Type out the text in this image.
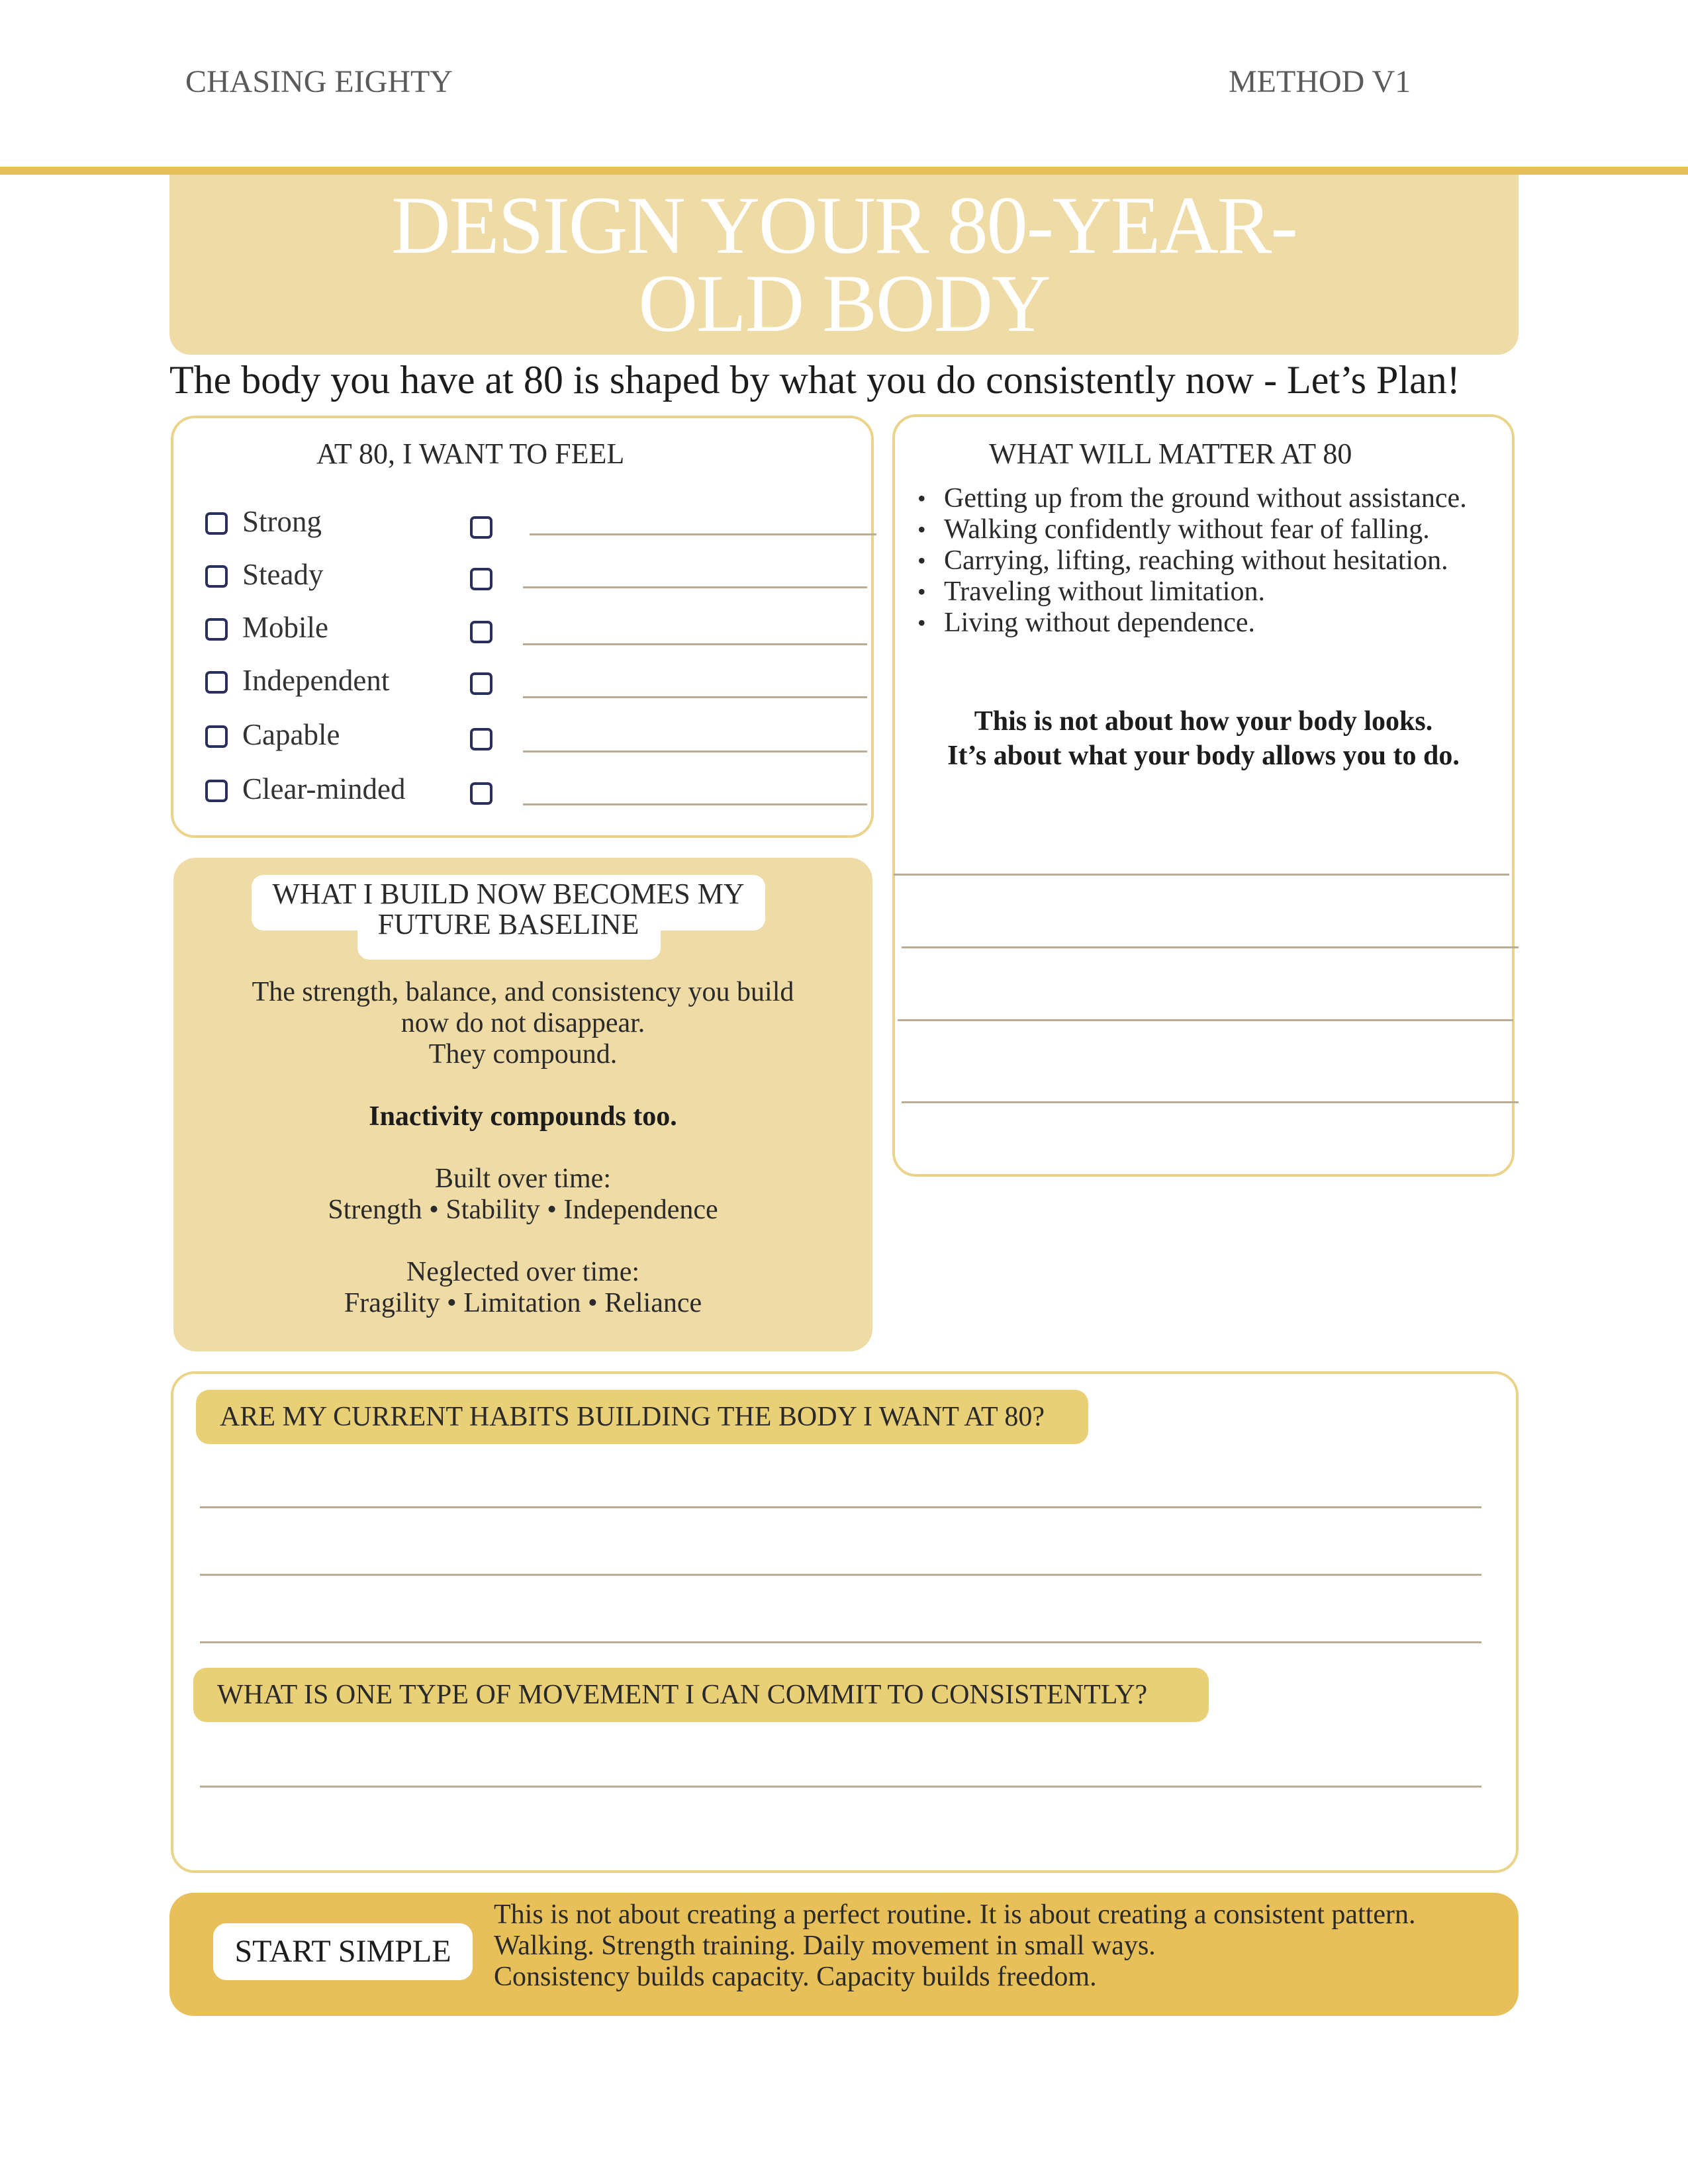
CHASING EIGHTY	METHOD V1
DESIGN YOUR 80-YEAR-OLD BODY
The body you have at 80 is shaped by what you do consistently now - Let’s Plan!
AT 80, I WANT TO FEEL
Strong
Steady
Mobile
Independent
Capable
Clear-minded
WHAT WILL MATTER AT 80
• Getting up from the ground without assistance.
• Walking confidently without fear of falling.
• Carrying, lifting, reaching without hesitation.
• Traveling without limitation.
• Living without dependence.
This is not about how your body looks.
It’s about what your body allows you to do.
WHAT I BUILD NOW BECOMES MY
FUTURE BASELINE
The strength, balance, and consistency you build
now do not disappear.
They compound.
Inactivity compounds too.
Built over time:
Strength • Stability • Independence
Neglected over time:
Fragility • Limitation • Reliance
ARE MY CURRENT HABITS BUILDING THE BODY I WANT AT 80?
WHAT IS ONE TYPE OF MOVEMENT I CAN COMMIT TO CONSISTENTLY?
START SIMPLE
This is not about creating a perfect routine. It is about creating a consistent pattern.
Walking. Strength training. Daily movement in small ways.
Consistency builds capacity. Capacity builds freedom.
